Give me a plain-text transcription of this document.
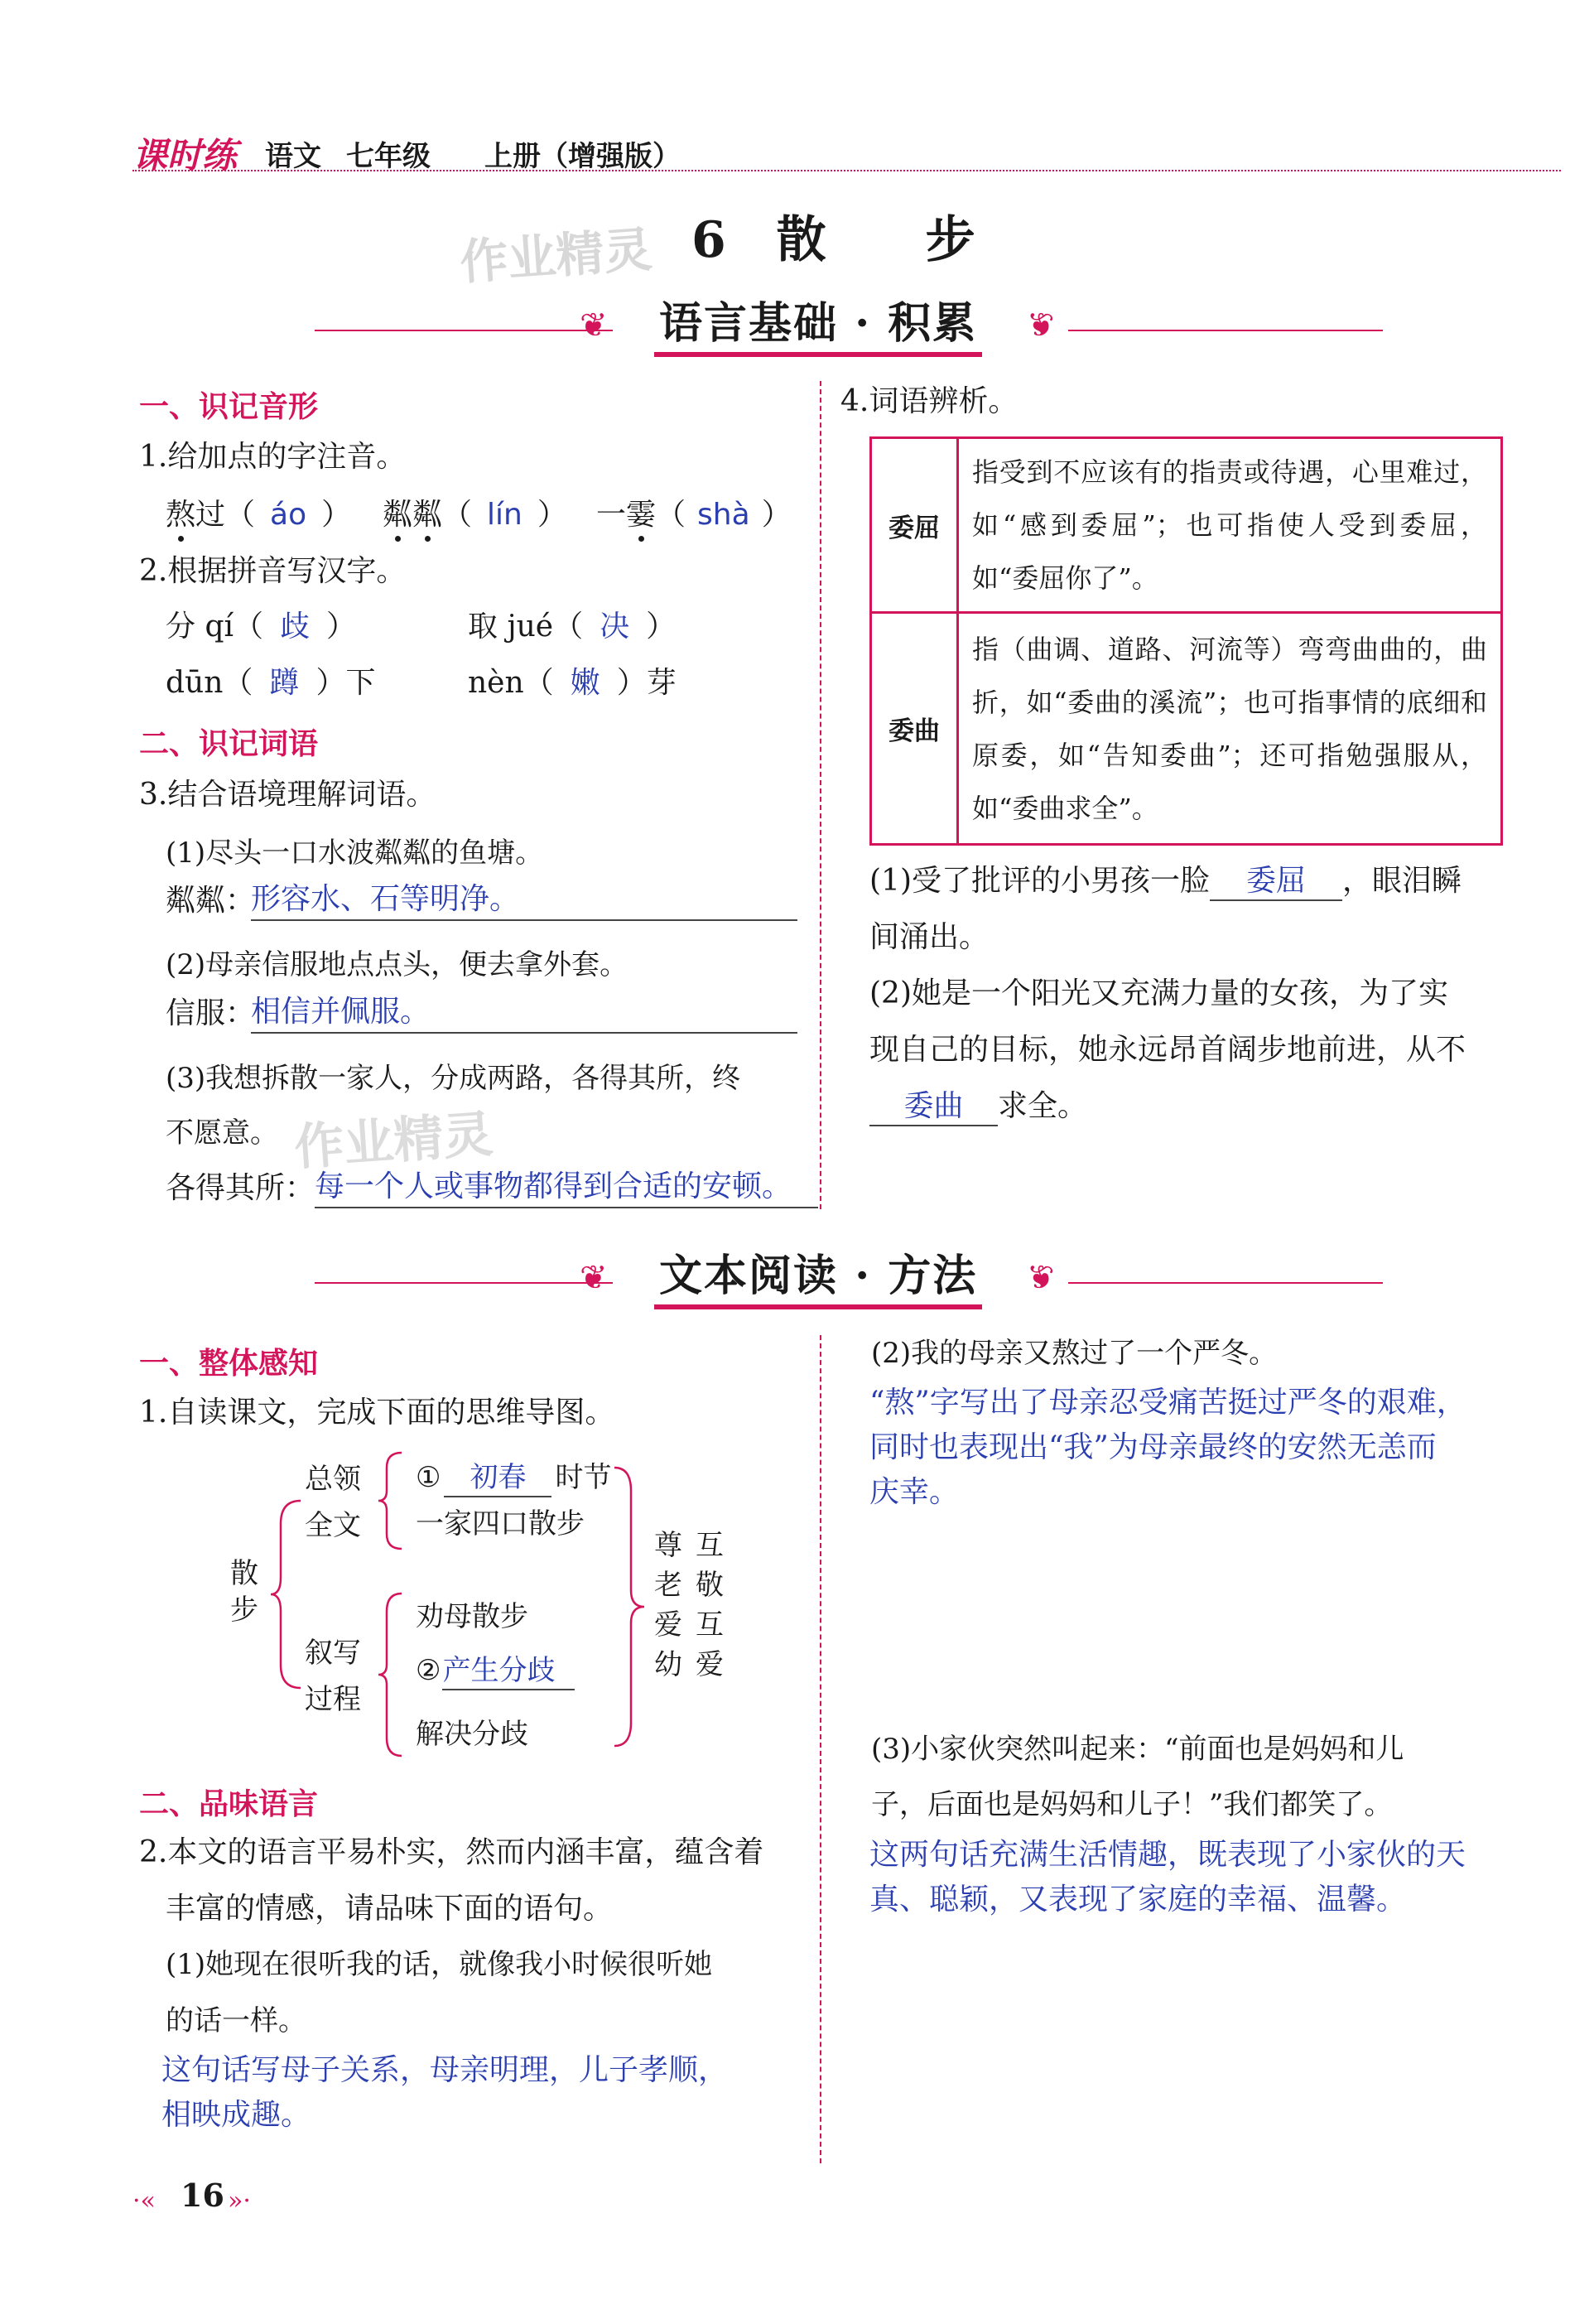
课时练 语文 七年级 上册 （增强版）
6 散　步
作业精灵
❦	❦
语言基础 · 积累
一、识记音形
1.给加点的字注音。
熬过（ áo ） 粼粼（ lín ） 一霎（ shà ）
2.根据拼音写汉字。
分 qí（ 歧 ）	取 jué（ 决 ）
dūn（ 蹲 ）下	nèn（ 嫩 ）芽
二、识记词语
3.结合语境理解词语。
(1)尽头一口水波粼粼的鱼塘。
粼粼：
形容水、石等明净。
(2)母亲信服地点点头，便去拿外套。
信服：
相信并佩服。
(3)我想拆散一家人，分成两路，各得其所，终
不愿意。 作业精灵
各得其所： 每一个人或事物都得到合适的安顿。
4.词语辨析。
委屈	指受到不应该有的指责或待遇，心里难过，如“感到委屈”；也可指使人受到委屈，如“委屈你了”。
委曲	指（曲调、道路、河流等）弯弯曲曲的，曲折，如“委曲的溪流”；也可指事情的底细和原委，如“告知委曲”；还可指勉强服从，如“委曲求全”。
(1)受了批评的小男孩一脸 委屈 ，眼泪瞬
间涌出。
(2)她是一个阳光又充满力量的女孩，为了实
现自己的目标，她永远昂首阔步地前进，从不
委曲 求全。
❦	❦
文本阅读 · 方法
一、整体感知
1.自读课文，完成下面的思维导图。
散步
总领全文
① 初春 时节
一家四口散步
叙写过程
劝母散步
②产生分歧
解决分歧
尊老爱幼
互敬互爱
二、品味语言
2.本文的语言平易朴实，然而内涵丰富，蕴含着
丰富的情感，请品味下面的语句。
(1)她现在很听我的话，就像我小时候很听她
的话一样。
这句话写母子关系，母亲明理，儿子孝顺，
相映成趣。
(2)我的母亲又熬过了一个严冬。
“熬”字写出了母亲忍受痛苦挺过严冬的艰难，
同时也表现出“我”为母亲最终的安然无恙而
庆幸。
(3)小家伙突然叫起来：“前面也是妈妈和儿
子，后面也是妈妈和儿子！”我们都笑了。
这两句话充满生活情趣，既表现了小家伙的天
真、聪颖，又表现了家庭的幸福、温馨。
·« 16 »·
